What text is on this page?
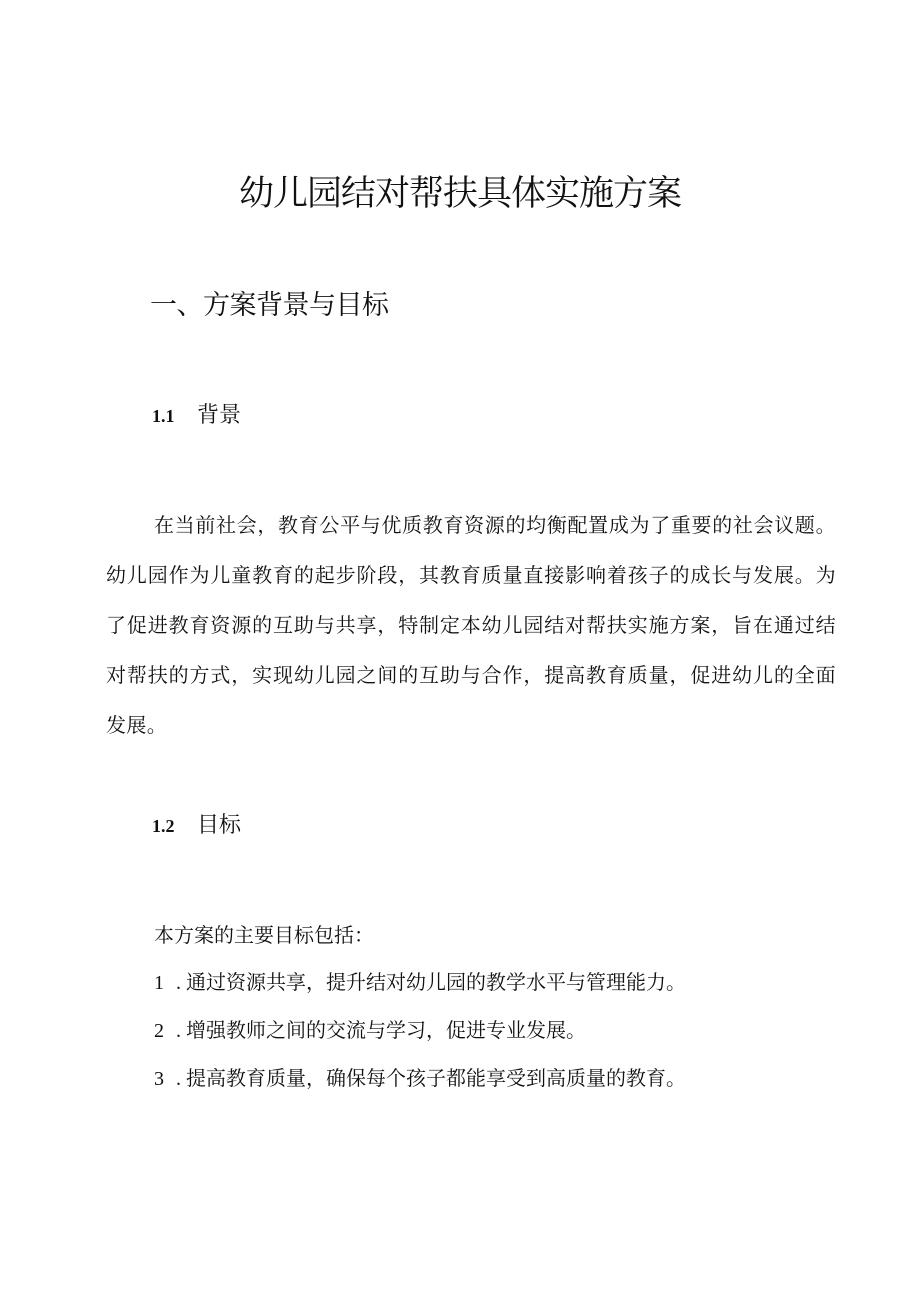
幼儿园结对帮扶具体实施方案
一、方案背景与目标
1.1	背景

在当前社会，教育公平与优质教育资源的均衡配置成为了重要的社会议题。幼儿园作为儿童教育的起步阶段，其教育质量直接影响着孩子的成长与发展。为了促进教育资源的互助与共享，特制定本幼儿园结对帮扶实施方案，旨在通过结对帮扶的方式，实现幼儿园之间的互助与合作，提高教育质量，促进幼儿的全面发展。

1.2	目标

本方案的主要目标包括：

1 . 通过资源共享，提升结对幼儿园的教学水平与管理能力。
2 . 增强教师之间的交流与学习，促进专业发展。
3 . 提高教育质量，确保每个孩子都能享受到高质量的教育。
